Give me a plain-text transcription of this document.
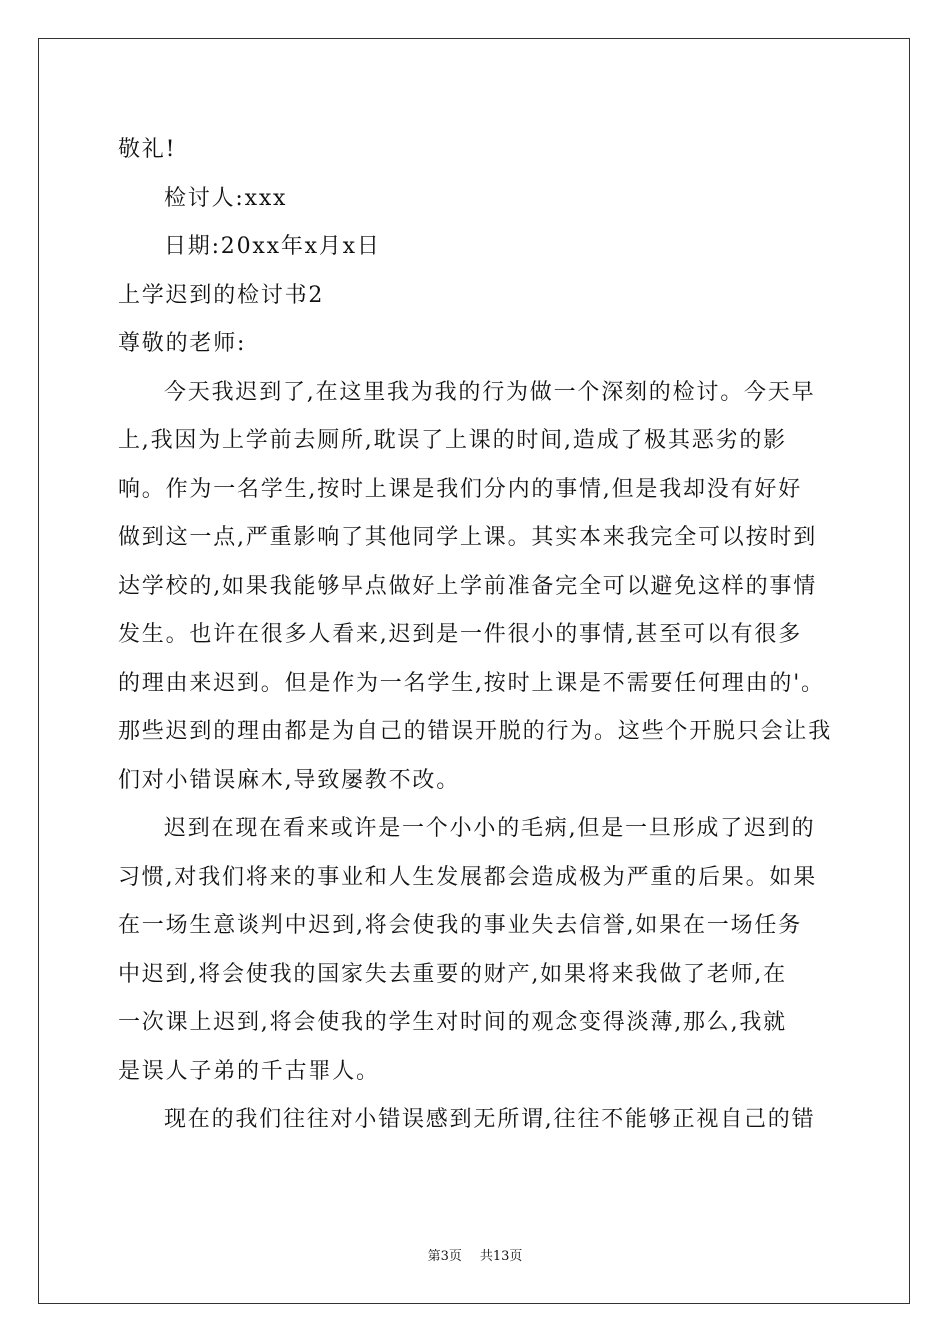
敬礼!
检讨人:xxx
日期:20xx年x月x日
上学迟到的检讨书2
尊敬的老师:
今天我迟到了,在这里我为我的行为做一个深刻的检讨。今天早
上,我因为上学前去厕所,耽误了上课的时间,造成了极其恶劣的影
响。作为一名学生,按时上课是我们分内的事情,但是我却没有好好
做到这一点,严重影响了其他同学上课。其实本来我完全可以按时到
达学校的,如果我能够早点做好上学前准备完全可以避免这样的事情
发生。也许在很多人看来,迟到是一件很小的事情,甚至可以有很多
的理由来迟到。但是作为一名学生,按时上课是不需要任何理由的'。
那些迟到的理由都是为自己的错误开脱的行为。这些个开脱只会让我
们对小错误麻木,导致屡教不改。
迟到在现在看来或许是一个小小的毛病,但是一旦形成了迟到的
习惯,对我们将来的事业和人生发展都会造成极为严重的后果。如果
在一场生意谈判中迟到,将会使我的事业失去信誉,如果在一场任务
中迟到,将会使我的国家失去重要的财产,如果将来我做了老师,在
一次课上迟到,将会使我的学生对时间的观念变得淡薄,那么,我就
是误人子弟的千古罪人。
现在的我们往往对小错误感到无所谓,往往不能够正视自己的错
第3页 共13页
